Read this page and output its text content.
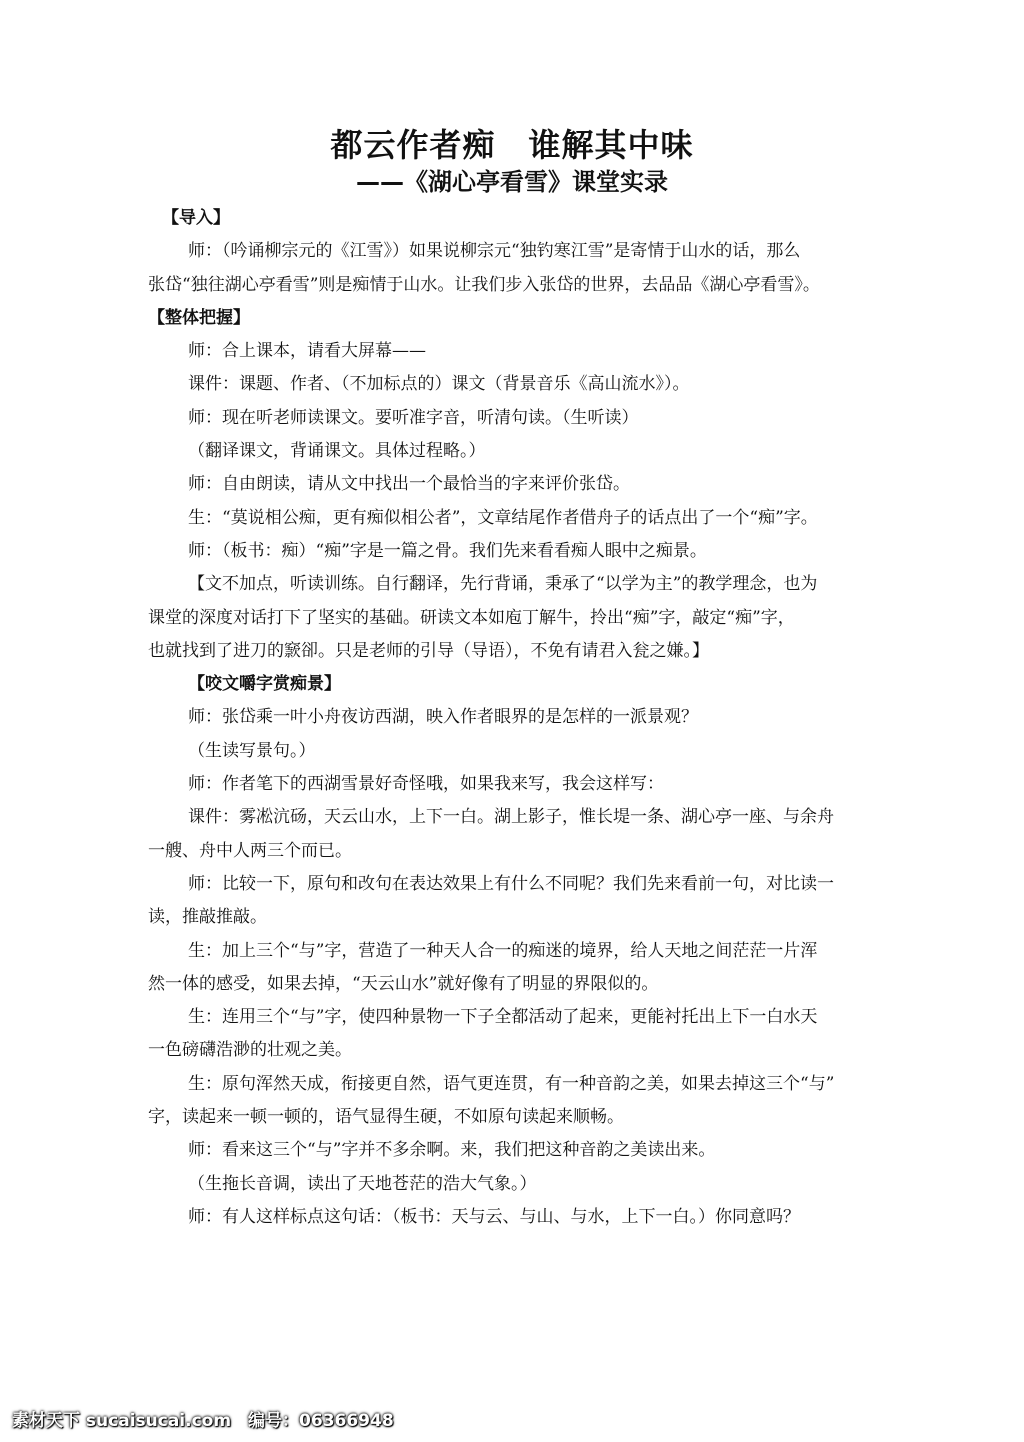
都云作者痴　谁解其中味
——《湖心亭看雪》课堂实录
【导入】
师：（吟诵柳宗元的《江雪》）如果说柳宗元“独钓寒江雪”是寄情于山水的话，那么
张岱“独往湖心亭看雪”则是痴情于山水。让我们步入张岱的世界，去品品《湖心亭看雪》。
【整体把握】
师：合上课本，请看大屏幕——
课件：课题、作者、（不加标点的）课文（背景音乐《高山流水》）。
师：现在听老师读课文。要听准字音，听清句读。（生听读）
（翻译课文，背诵课文。具体过程略。）
师：自由朗读，请从文中找出一个最恰当的字来评价张岱。
生：“莫说相公痴，更有痴似相公者”，文章结尾作者借舟子的话点出了一个“痴”字。
师：（板书：痴）“痴”字是一篇之骨。我们先来看看痴人眼中之痴景。
【文不加点，听读训练。自行翻译，先行背诵，秉承了“以学为主”的教学理念，也为
课堂的深度对话打下了坚实的基础。研读文本如庖丁解牛，拎出“痴”字，敲定“痴”字，
也就找到了进刀的窾卻。只是老师的引导（导语），不免有请君入瓮之嫌。】
【咬文嚼字赏痴景】
师：张岱乘一叶小舟夜访西湖，映入作者眼界的是怎样的一派景观？
（生读写景句。）
师：作者笔下的西湖雪景好奇怪哦，如果我来写，我会这样写：
课件：雾凇沆砀，天云山水，上下一白。湖上影子，惟长堤一条、湖心亭一座、与余舟
一艘、舟中人两三个而已。
师：比较一下，原句和改句在表达效果上有什么不同呢？我们先来看前一句，对比读一
读，推敲推敲。
生：加上三个“与”字，营造了一种天人合一的痴迷的境界，给人天地之间茫茫一片浑
然一体的感受，如果去掉，“天云山水”就好像有了明显的界限似的。
生：连用三个“与”字，使四种景物一下子全都活动了起来，更能衬托出上下一白水天
一色磅礴浩渺的壮观之美。
生：原句浑然天成，衔接更自然，语气更连贯，有一种音韵之美，如果去掉这三个“与”
字，读起来一顿一顿的，语气显得生硬，不如原句读起来顺畅。
师：看来这三个“与”字并不多余啊。来，我们把这种音韵之美读出来。
（生拖长音调，读出了天地苍茫的浩大气象。）
师：有人这样标点这句话：（板书：天与云、与山、与水，上下一白。）你同意吗？
素材天下 sucaisucai.com　编号：06366948
